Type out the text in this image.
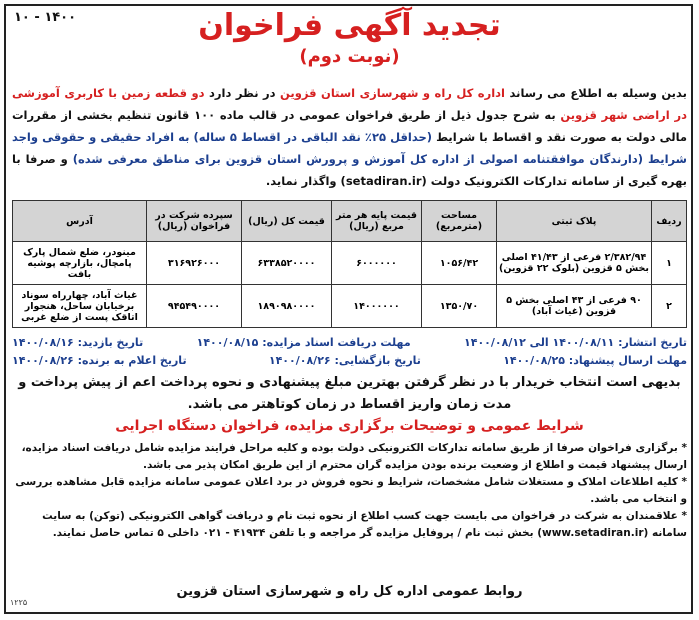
۱۰ - ۱۴۰۰	تجدید آگهی فراخوان
(نوبت دوم)
بدین وسیله به اطلاع می رساند اداره کل راه و شهرسازی استان قزوین در نظر دارد دو قطعه زمین با کاربری آموزشی در اراضی شهر قزوین به شرح جدول ذیل از طریق فراخوان عمومی در قالب ماده ۱۰۰ قانون تنظیم بخشی از مقررات مالی دولت به صورت نقد و اقساط با شرایط (حداقل ۲۵٪ نقد الباقی در اقساط ۵ ساله) به افراد حقیقی و حقوقی واجد شرایط (دارندگان موافقتنامه اصولی از اداره کل آموزش و پرورش استان قزوین برای مناطق معرفی شده) و صرفا با بهره گیری از سامانه تدارکات الکترونیک دولت (setadiran.ir) واگذار نماید.
ردیف	پلاک ثبتی	مساحت (مترمربع)	قیمت پایه هر متر مربع (ریال)	قیمت کل (ریال)	سپرده شرکت در فراخوان (ریال)	آدرس
۱	۲/۳۸۲/۹۴ فرعی از ۴۱/۴۳ اصلی بخش ۵ قزوین (بلوک ۲۲ قزوین)	۱۰۵۶/۴۲	۶۰۰۰۰۰۰	۶۳۳۸۵۲۰۰۰۰	۳۱۶۹۲۶۰۰۰	مینودر، ضلع شمال پارک پامچال، بازارچه پوشیه بافت
۲	۹۰ فرعی از ۴۳ اصلی بخش ۵ قزوین (غیاث آباد)	۱۳۵۰/۷۰	۱۴۰۰۰۰۰۰	۱۸۹۰۹۸۰۰۰۰	۹۴۵۴۹۰۰۰۰	غیاث آباد، چهارراه سوناد برخیابان ساحل، هنجوار اتاقک پست از ضلع غربی
تاریخ انتشار: ۱۴۰۰/۰۸/۱۱ الی ۱۴۰۰/۰۸/۱۲
مهلت دریافت اسناد مزایده: ۱۴۰۰/۰۸/۱۵
تاریخ بازدید: ۱۴۰۰/۰۸/۱۶
مهلت ارسال پیشنهاد: ۱۴۰۰/۰۸/۲۵
تاریخ بازگشایی: ۱۴۰۰/۰۸/۲۶
تاریخ اعلام به برنده: ۱۴۰۰/۰۸/۲۶
بدیهی است انتخاب خریدار با در نظر گرفتن بهترین مبلغ پیشنهادی و نحوه پرداخت اعم از پیش پرداخت و مدت زمان واریز اقساط در زمان کوتاهتر می باشد.
شرایط عمومی و توضیحات برگزاری مزایده، فراخوان دستگاه اجرایی

* برگزاری فراخوان صرفا از طریق سامانه تدارکات الکترونیکی دولت بوده و کلیه مراحل فرایند مزایده شامل دریافت اسناد مزایده، ارسال پیشنهاد قیمت و اطلاع از وضعیت برنده بودن مزایده گران محترم از این طریق امکان پذیر می باشد.

* کلیه اطلاعات املاک و مستغلات شامل مشخصات، شرایط و نحوه فروش در برد اعلان عمومی سامانه مزایده قابل مشاهده بررسی و انتخاب می باشد.

* علاقمندان به شرکت در فراخوان می بایست جهت کسب اطلاع از نحوه ثبت نام و دریافت گواهی الکترونیکی (توکن) به سایت سامانه (www.setadiran.ir) بخش ثبت نام / پروفایل مزایده گر مراجعه و با تلفن ۴۱۹۳۴ - ۰۲۱ داخلی ۵ تماس حاصل نمایند.

روابط عمومی اداره کل راه و شهرسازی استان قزوین
۱۲۲۵
